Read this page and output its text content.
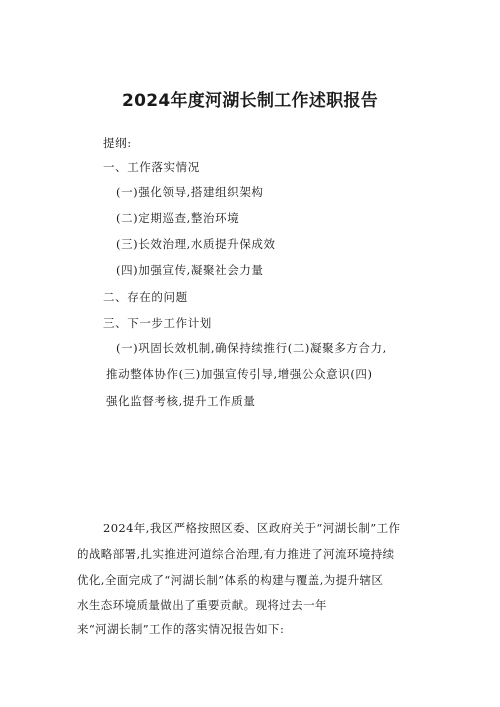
2024年度河湖长制工作述职报告
提纲:
一、工作落实情况
(一)强化领导,搭建组织架构
(二)定期巡查,整治环境
(三)长效治理,水质提升保成效
(四)加强宣传,凝聚社会力量
二、存在的问题
三、下一步工作计划
(一)巩固长效机制,确保持续推行(二)凝聚多方合力,
推动整体协作(三)加强宣传引导,增强公众意识(四)
强化监督考核,提升工作质量
2024年,我区严格按照区委、区政府关于“河湖长制”工作
的战略部署,扎实推进河道综合治理,有力推进了河流环境持续
优化,全面完成了“河湖长制”体系的构建与覆盖,为提升辖区
水生态环境质量做出了重要贡献。现将过去一年
来“河湖长制”工作的落实情况报告如下:
